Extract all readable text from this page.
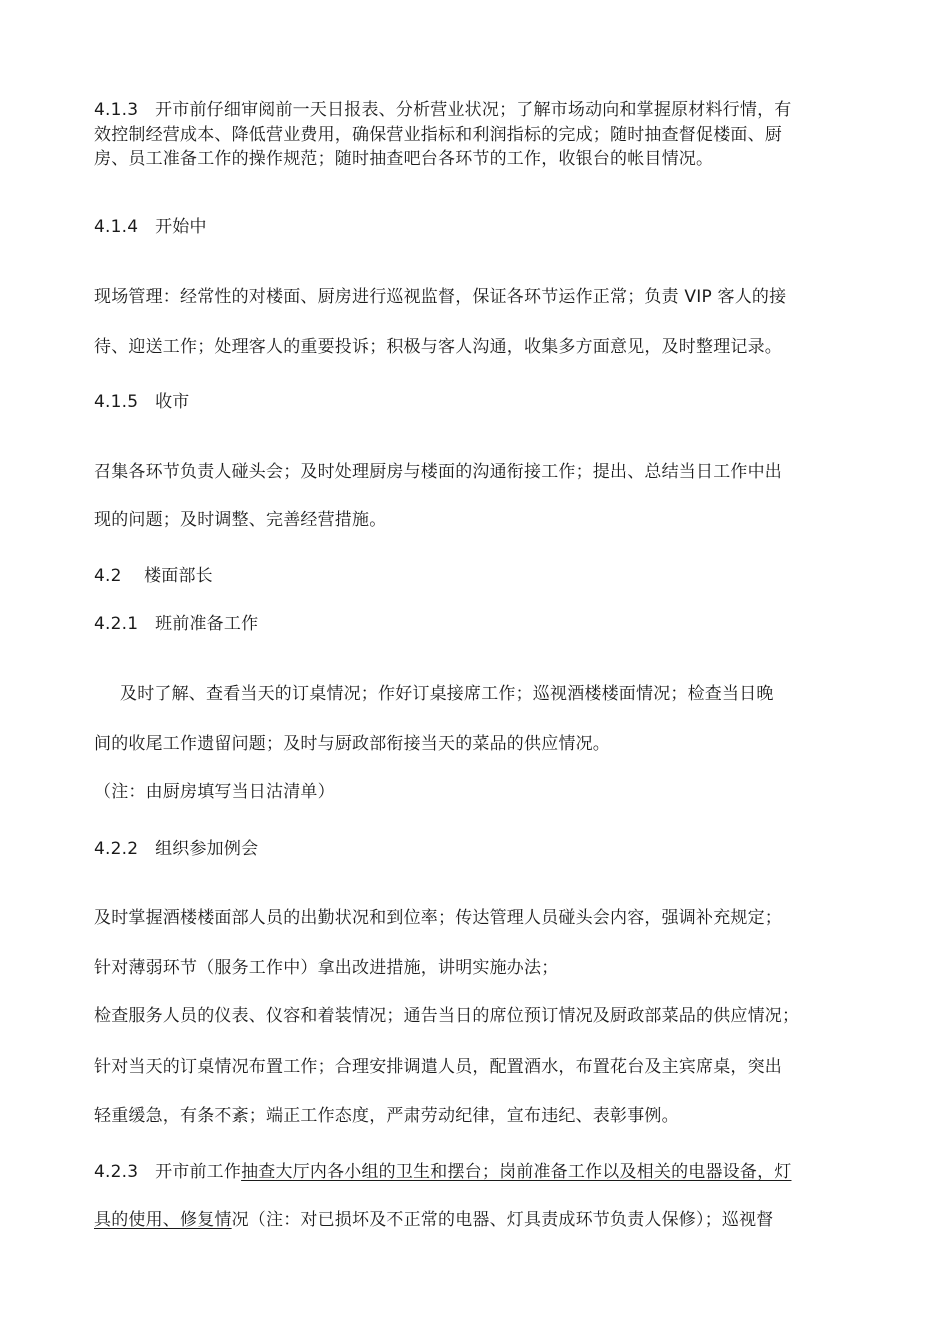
4.1.3 开市前仔细审阅前一天日报表、分析营业状况；了解市场动向和掌握原材料行情，有
效控制经营成本、降低营业费用，确保营业指标和利润指标的完成；随时抽查督促楼面、厨
房、员工准备工作的操作规范；随时抽查吧台各环节的工作，收银台的帐目情况。
4.1.4 开始中
现场管理：经常性的对楼面、厨房进行巡视监督，保证各环节运作正常；负责 VIP 客人的接
待、迎送工作；处理客人的重要投诉；积极与客人沟通，收集多方面意见，及时整理记录。
4.1.5 收市
召集各环节负责人碰头会；及时处理厨房与楼面的沟通衔接工作；提出、总结当日工作中出
现的问题；及时调整、完善经营措施。
4.2 楼面部长
4.2.1 班前准备工作
及时了解、查看当天的订桌情况；作好订桌接席工作；巡视酒楼楼面情况；检查当日晚
间的收尾工作遗留问题；及时与厨政部衔接当天的菜品的供应情况。
（注：由厨房填写当日沽清单）
4.2.2 组织参加例会
及时掌握酒楼楼面部人员的出勤状况和到位率；传达管理人员碰头会内容，强调补充规定；
针对薄弱环节（服务工作中）拿出改进措施，讲明实施办法；
检查服务人员的仪表、仪容和着装情况；通告当日的席位预订情况及厨政部菜品的供应情况；
针对当天的订桌情况布置工作；合理安排调遣人员，配置酒水，布置花台及主宾席桌，突出
轻重缓急，有条不紊；端正工作态度，严肃劳动纪律，宣布违纪、表彰事例。
4.2.3 开市前工作抽查大厅内各小组的卫生和摆台；岗前准备工作以及相关的电器设备，灯
具的使用、修复情况（注：对已损坏及不正常的电器、灯具责成环节负责人保修）；巡视督
